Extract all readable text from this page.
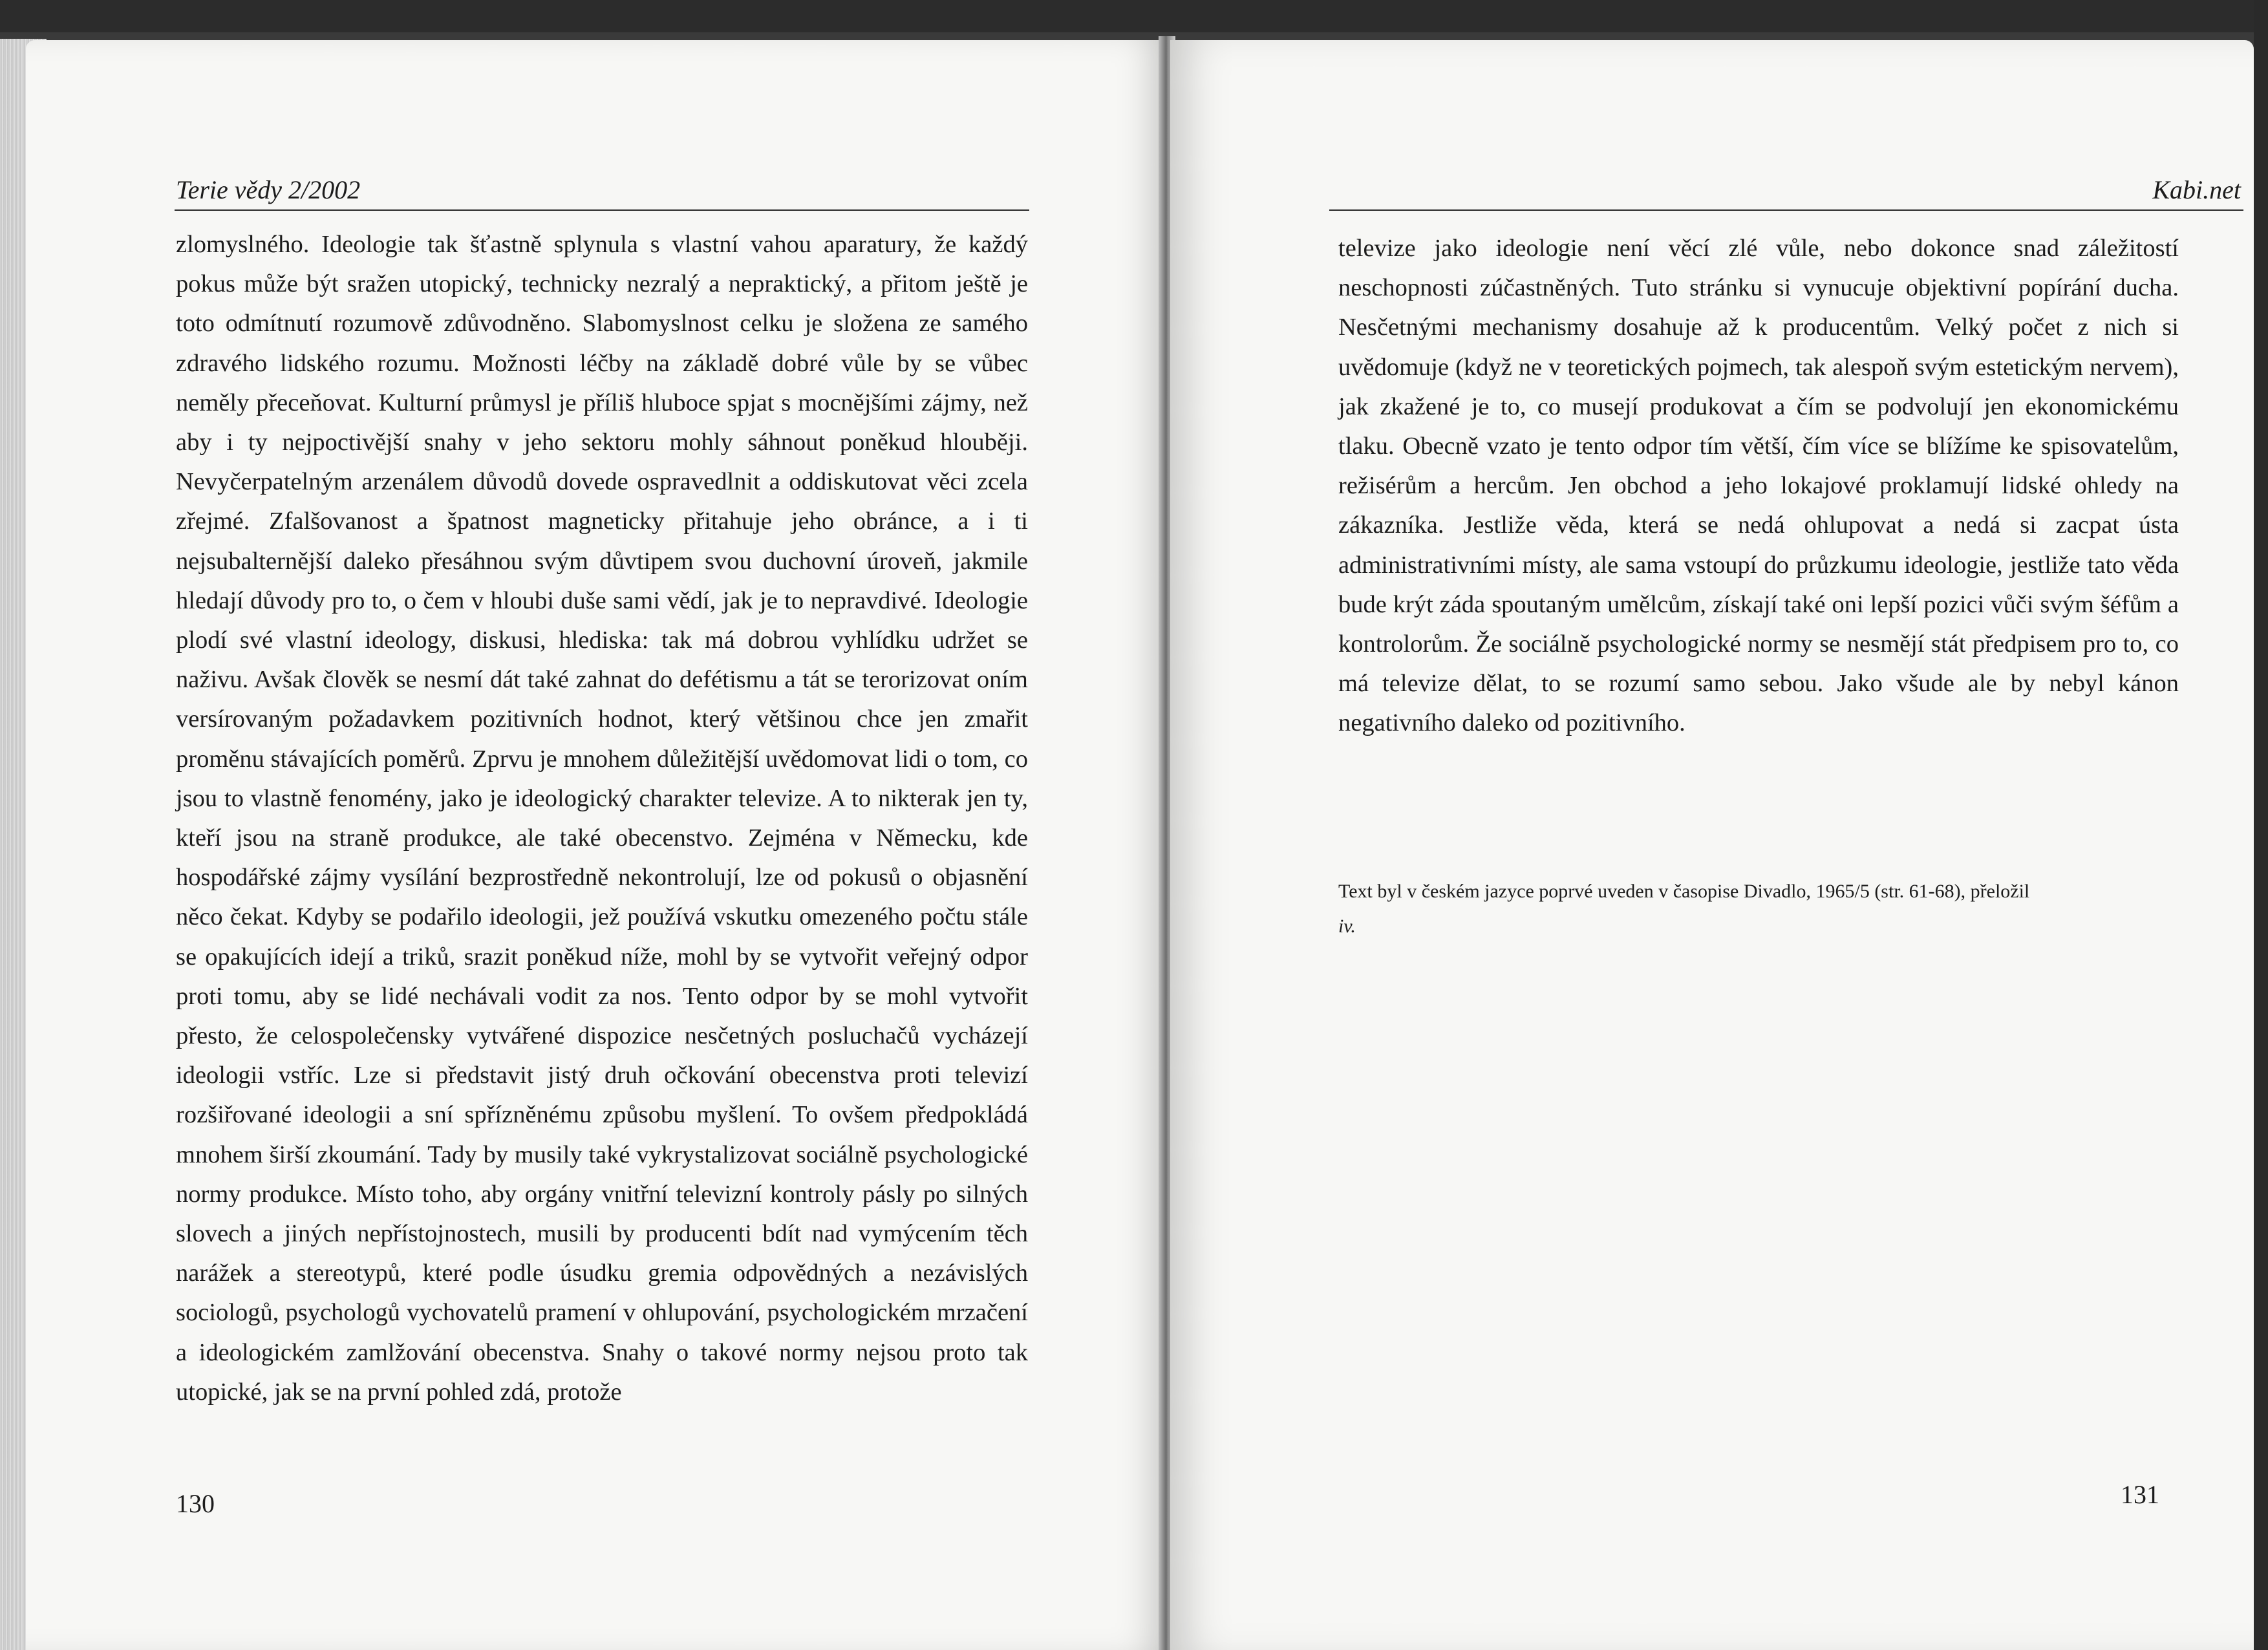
Terie vědy 2/2002

zlomyslného. Ideologie tak šťastně splynula s vlastní vahou aparatury, že každý pokus může být sražen utopický, technicky nezralý a nepraktický, a přitom ještě je toto odmítnutí rozumově zdůvodněno. Slabomyslnost celku je složena ze samého zdravého lidského rozumu. Možnosti léčby na základě dobré vůle by se vůbec neměly přeceňovat. Kulturní průmysl je příliš hluboce spjat s mocnějšími zájmy, než aby i ty nejpoctivější snahy v jeho sektoru mohly sáhnout poněkud hlouběji. Nevyčerpatelným arzenálem důvodů dovede ospravedlnit a oddiskutovat věci zcela zřejmé. Zfalšovanost a špatnost magneticky přitahuje jeho obránce, a i ti nejsubalternější daleko přesáhnou svým důvtipem svou duchovní úroveň, jakmile hledají důvody pro to, o čem v hloubi duše sami vědí, jak je to nepravdivé. Ideologie plodí své vlastní ideology, diskusi, hlediska: tak má dobrou vyhlídku udržet se naživu. Avšak člověk se nesmí dát také zahnat do defétismu a tát se terorizovat oním versírovaným požadavkem pozitivních hodnot, který většinou chce jen zmařit proměnu stávajících poměrů. Zprvu je mnohem důležitější uvědomovat lidi o tom, co jsou to vlastně fenomény, jako je ideologický charakter televize. A to nikterak jen ty, kteří jsou na straně produkce, ale také obecenstvo. Zejména v Německu, kde hospodářské zájmy vysílání bezprostředně nekontrolují, lze od pokusů o objasnění něco čekat. Kdyby se podařilo ideologii, jež používá vskutku omezeného počtu stále se opakujících idejí a triků, srazit poněkud níže, mohl by se vytvořit veřejný odpor proti tomu, aby se lidé nechávali vodit za nos. Tento odpor by se mohl vytvořit přesto, že celospolečensky vytvářené dispozice nesčetných posluchačů vycházejí ideologii vstříc. Lze si představit jistý druh očkování obecenstva proti televizí rozšiřované ideologii a sní spřízněnému způsobu myšlení. To ovšem předpokládá mnohem širší zkoumání. Tady by musily také vykrystalizovat sociálně psychologické normy produkce. Místo toho, aby orgány vnitřní televizní kontroly pásly po silných slovech a jiných nepřístojnostech, musili by producenti bdít nad vymýcením těch narážek a stereotypů, které podle úsudku gremia odpovědných a nezávislých sociologů, psychologů vychovatelů pramení v ohlupování, psychologickém mrzačení a ideologickém zamlžování obecenstva. Snahy o takové normy nejsou proto tak utopické, jak se na první pohled zdá, protože

130
Kabi.net

televize jako ideologie není věcí zlé vůle, nebo dokonce snad záležitostí neschopnosti zúčastněných. Tuto stránku si vynucuje objektivní popírání ducha. Nesčetnými mechanismy dosahuje až k producentům. Velký počet z nich si uvědomuje (když ne v teoretických pojmech, tak alespoň svým estetickým nervem), jak zkažené je to, co musejí produkovat a čím se podvolují jen ekonomickému tlaku. Obecně vzato je tento odpor tím větší, čím více se blížíme ke spisovatelům, režisérům a hercům. Jen obchod a jeho lokajové proklamují lidské ohledy na zákazníka. Jestliže věda, která se nedá ohlupovat a nedá si zacpat ústa administrativními místy, ale sama vstoupí do průzkumu ideologie, jestliže tato věda bude krýt záda spoutaným umělcům, získají také oni lepší pozici vůči svým šéfům a kontrolorům. Že sociálně psychologické normy se nesmějí stát předpisem pro to, co má televize dělat, to se rozumí samo sebou. Jako všude ale by nebyl kánon negativního daleko od pozitivního.

Text byl v českém jazyce poprvé uveden v časopise Divadlo, 1965/5 (str. 61-68), přeložil
iv.

131
